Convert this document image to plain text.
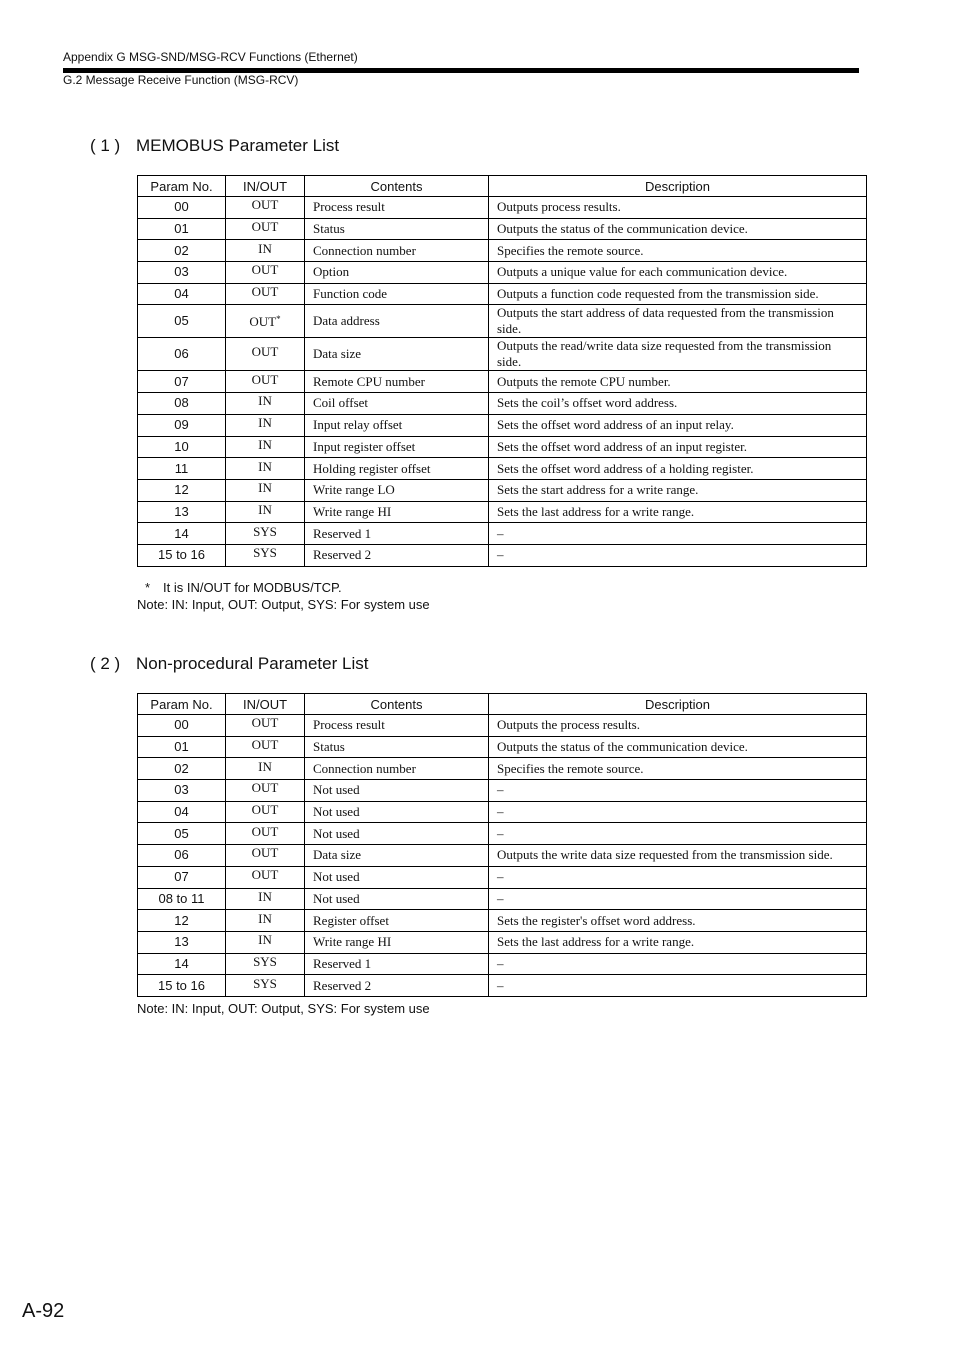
Appendix G MSG-SND/MSG-RCV Functions (Ethernet)
G.2 Message Receive Function (MSG-RCV)
( 1 ) MEMOBUS Parameter List
Param No.	IN/OUT	Contents	Description
00	OUT	Process result	Outputs process results.
01	OUT	Status	Outputs the status of the communication device.
02	IN	Connection number	Specifies the remote source.
03	OUT	Option	Outputs a unique value for each communication device.
04	OUT	Function code	Outputs a function code requested from the transmission side.
05	OUT*	Data address	Outputs the start address of data requested from the transmission side.
06	OUT	Data size	Outputs the read/write data size requested from the transmission side.
07	OUT	Remote CPU number	Outputs the remote CPU number.
08	IN	Coil offset	Sets the coil’s offset word address.
09	IN	Input relay offset	Sets the offset word address of an input relay.
10	IN	Input register offset	Sets the offset word address of an input register.
11	IN	Holding register offset	Sets the offset word address of a holding register.
12	IN	Write range LO	Sets the start address for a write range.
13	IN	Write range HI	Sets the last address for a write range.
14	SYS	Reserved 1	–
15 to 16	SYS	Reserved 2	–
* It is IN/OUT for MODBUS/TCP.
Note: IN: Input, OUT: Output, SYS: For system use
( 2 ) Non-procedural Parameter List
Param No.	IN/OUT	Contents	Description
00	OUT	Process result	Outputs the process results.
01	OUT	Status	Outputs the status of the communication device.
02	IN	Connection number	Specifies the remote source.
03	OUT	Not used	–
04	OUT	Not used	–
05	OUT	Not used	–
06	OUT	Data size	Outputs the write data size requested from the transmission side.
07	OUT	Not used	–
08 to 11	IN	Not used	–
12	IN	Register offset	Sets the register's offset word address.
13	IN	Write range HI	Sets the last address for a write range.
14	SYS	Reserved 1	–
15 to 16	SYS	Reserved 2	–
Note: IN: Input, OUT: Output, SYS: For system use
A-92
